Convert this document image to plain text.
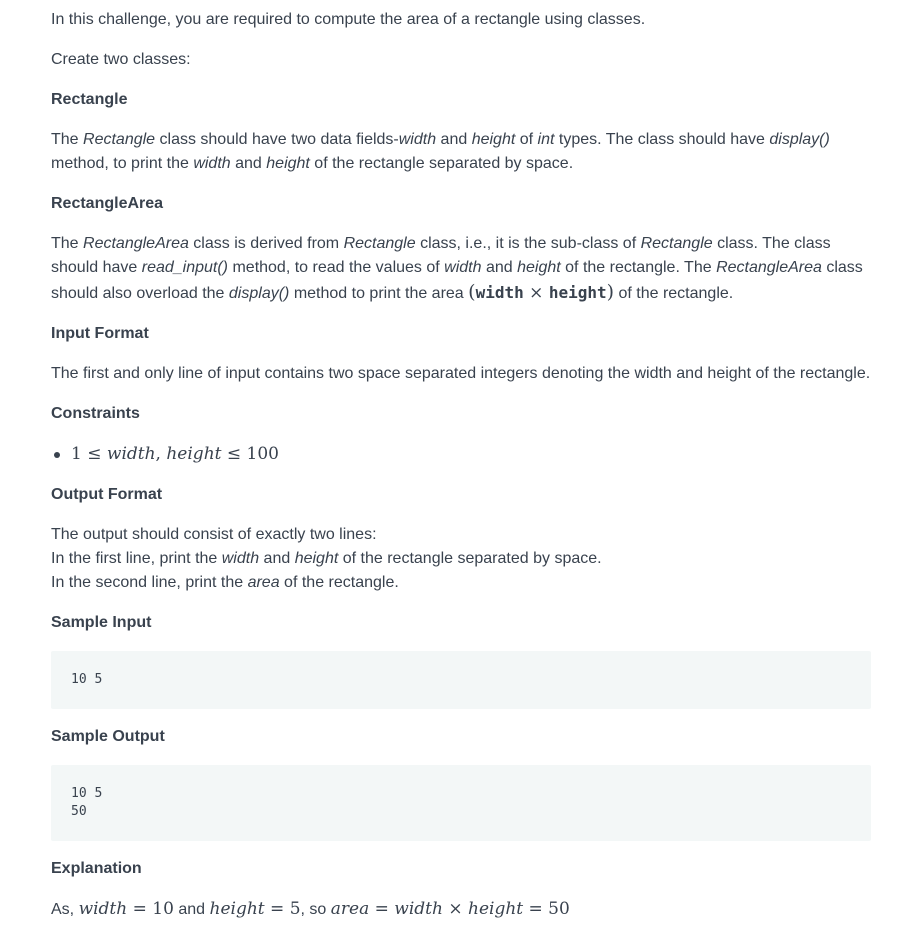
In this challenge, you are required to compute the area of a rectangle using classes.

Create two classes:

Rectangle

The Rectangle class should have two data fields-width and height of int types. The class should have display() method, to print the width and height of the rectangle separated by space.

RectangleArea

The RectangleArea class is derived from Rectangle class, i.e., it is the sub-class of Rectangle class. The class should have read_input() method, to read the values of width and height of the rectangle. The RectangleArea class should also overload the display() method to print the area (width × height) of the rectangle.

Input Format

The first and only line of input contains two space separated integers denoting the width and height of the rectangle.

Constraints
1 ≤ width, height ≤ 100
Output Format

The output should consist of exactly two lines:
In the first line, print the width and height of the rectangle separated by space.
In the second line, print the area of the rectangle.

Sample Input
10 5
Sample Output
10 5
50
Explanation

As, width = 10 and height = 5, so area = width × height = 50
